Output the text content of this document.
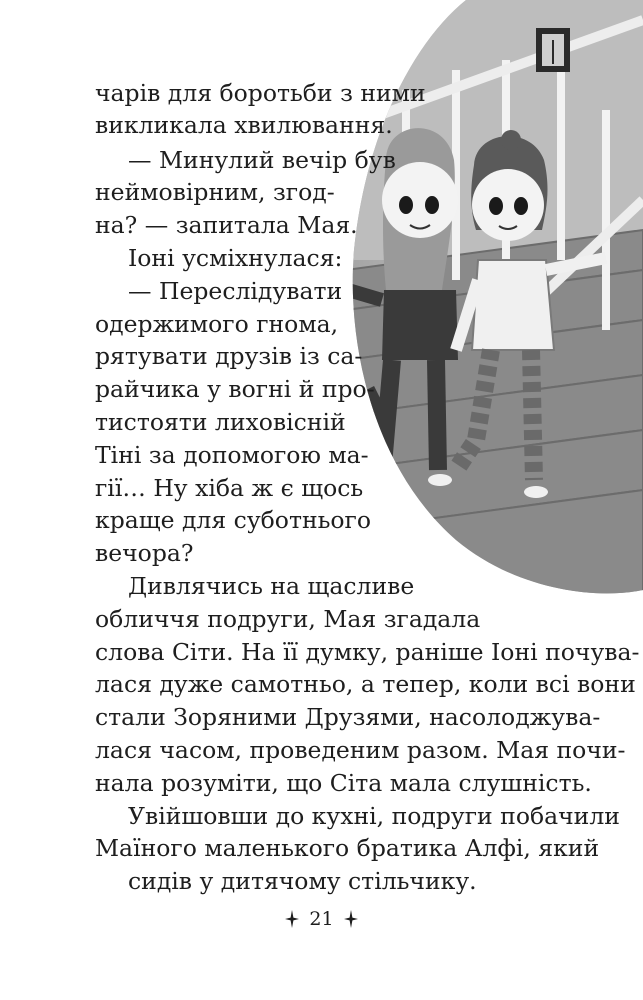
чарів для боротьби з ними
викликала хвилювання.
— Минулий вечір був
неймовірним, згод-
на? — запитала Мая.
Іоні усміхнулася:
— Переслідувати
одержимого гнома,
рятувати друзів із са-
райчика у вогні й про-
тистояти лиховісній
Тіні за допомогою ма-
гії… Ну хіба ж є щось
краще для суботнього
вечора?
Дивлячись на щасливе
обличчя подруги, Мая згадала
слова Сіти. На її думку, раніше Іоні почува-
лася дуже самотньо, а тепер, коли всі вони
стали Зоряними Друзями, насолоджува-
лася часом, проведеним разом. Мая почи-
нала розуміти, що Сіта мала слушність.
Увійшовши до кухні, подруги побачили
Маїного маленького братика Алфі, який
сидів у дитячому стільчику.
21
